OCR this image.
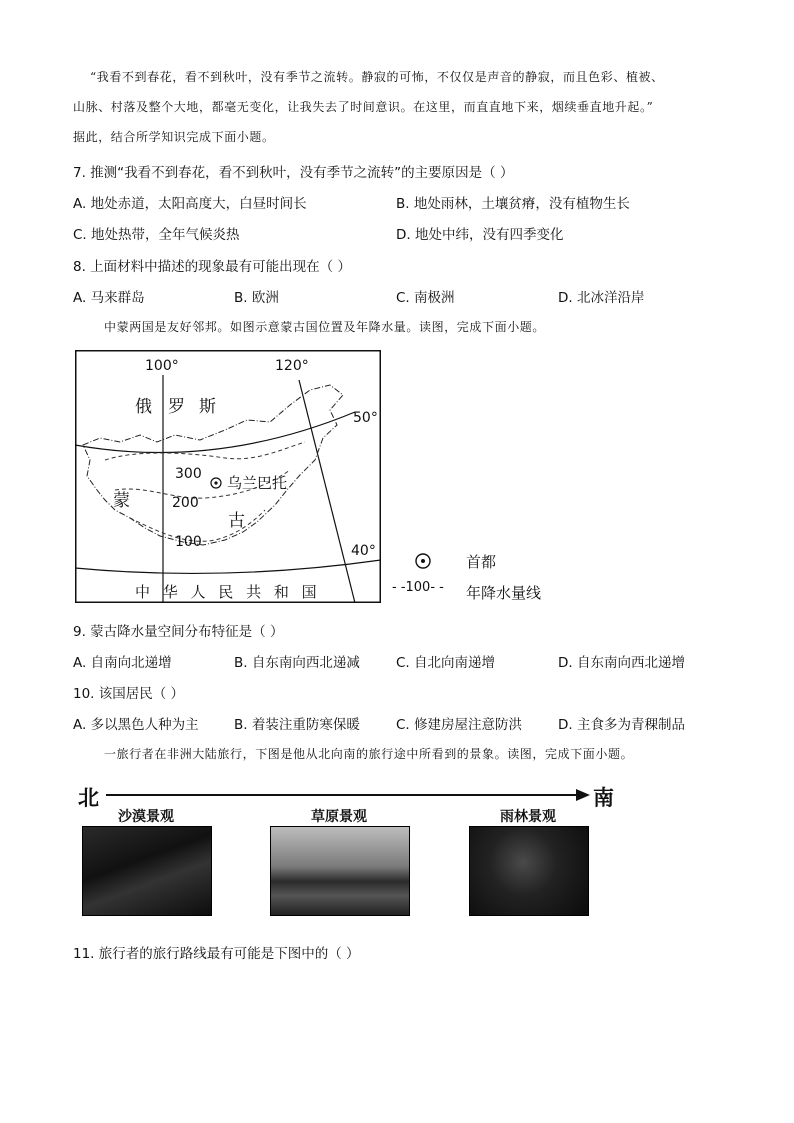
“我看不到春花，看不到秋叶，没有季节之流转。静寂的可怖，不仅仅是声音的静寂，而且色彩、植被、
山脉、村落及整个大地，都毫无变化，让我失去了时间意识。在这里，而直直地下来，烟续垂直地升起。”
据此，结合所学知识完成下面小题。
7. 推测“我看不到春花，看不到秋叶，没有季节之流转”的主要原因是（ ）
A. 地处赤道，太阳高度大，白昼时间长	B. 地处雨林，土壤贫瘠，没有植物生长
C. 地处热带，全年气候炎热	D. 地处中纬，没有四季变化
8. 上面材料中描述的现象最有可能出现在（ ）
A. 马来群岛	B. 欧洲	C. 南极洲	D. 北冰洋沿岸
中蒙两国是友好邻邦。如图示意蒙古国位置及年降水量。读图，完成下面小题。
100°	120°
50°
40°
俄 罗 斯
蒙
古
乌兰巴托
300
200
100
中 华 人 民 共 和 国
首都
- -100- - 年降水量线
9. 蒙古降水量空间分布特征是（ ）
A. 自南向北递增	B. 自东南向西北递减	C. 自北向南递增	D. 自东南向西北递增
10. 该国居民（ ）
A. 多以黑色人种为主	B. 着装注重防寒保暖	C. 修建房屋注意防洪	D. 主食多为青稞制品
一旅行者在非洲大陆旅行，下图是他从北向南的旅行途中所看到的景象。读图，完成下面小题。
北	南
沙漠景观	草原景观	雨林景观
11. 旅行者的旅行路线最有可能是下图中的（ ）
